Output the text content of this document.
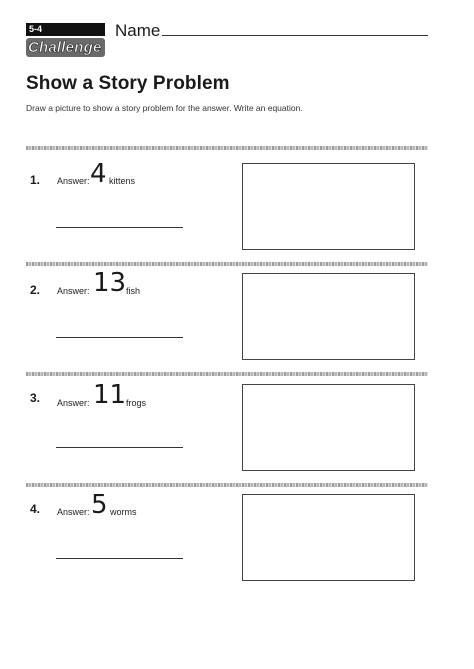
5-4
Challenge
Name
Show a Story Problem
Draw a picture to show a story problem for the answer. Write an equation.
1. Answer: 4 kittens
2. Answer: 13 fish
3. Answer: 11 frogs
4. Answer: 5 worms
